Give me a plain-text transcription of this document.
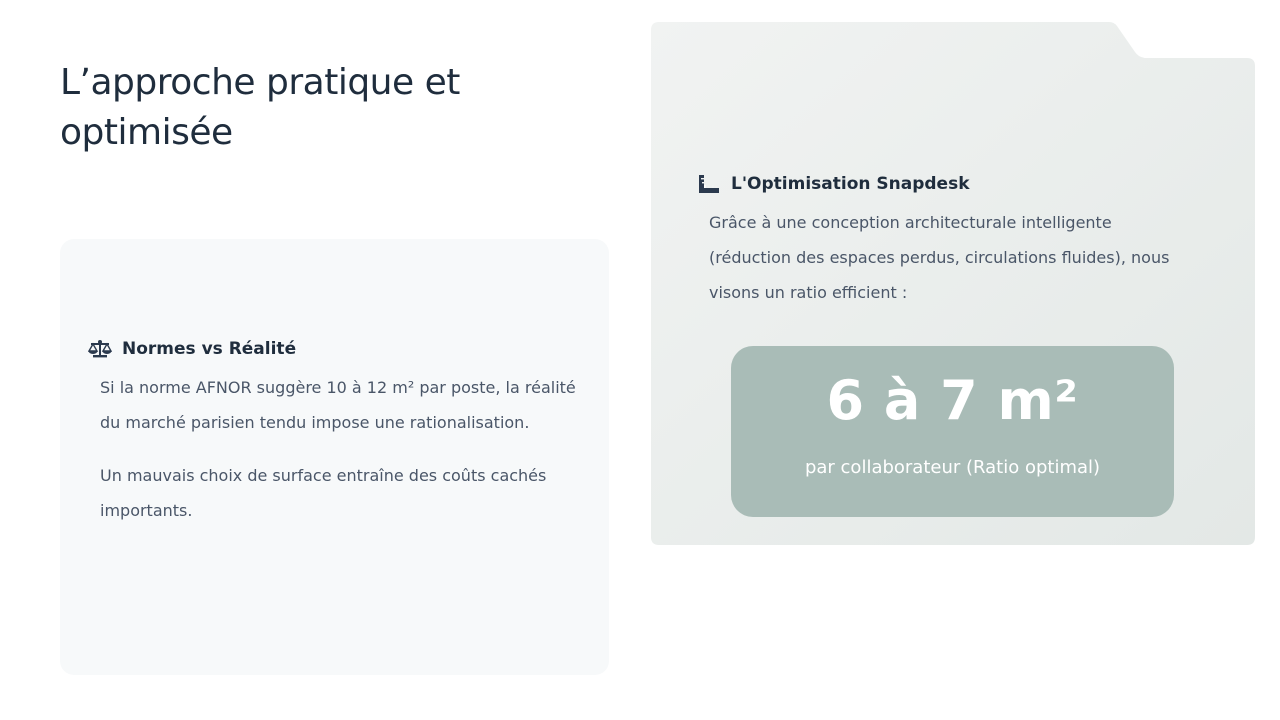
L’approche pratique et optimisée

Normes vs Réalité

Si la norme AFNOR suggère 10 à 12 m² par poste, la réalité du marché parisien tendu impose une rationalisation.

Un mauvais choix de surface entraîne des coûts cachés importants.

L'Optimisation Snapdesk

Grâce à une conception architecturale intelligente (réduction des espaces perdus, circulations fluides), nous visons un ratio efficient :

6 à 7 m²
par collaborateur (Ratio optimal)
